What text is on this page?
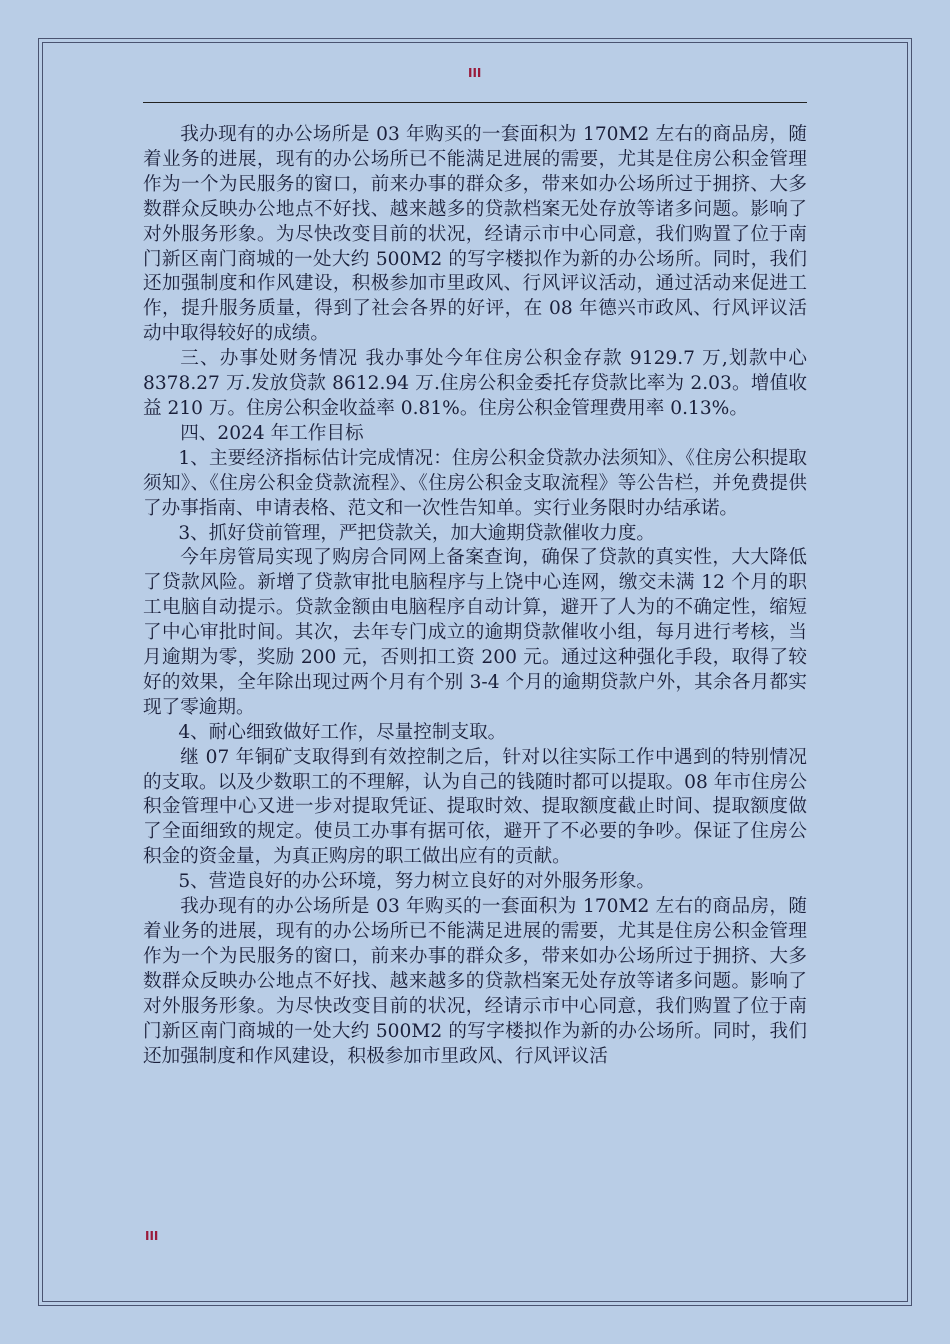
III

我办现有的办公场所是 03 年购买的一套面积为 170M2 左右的商品房，随着业务的进展，现有的办公场所已不能满足进展的需要，尤其是住房公积金管理作为一个为民服务的窗口，前来办事的群众多，带来如办公场所过于拥挤、大多数群众反映办公地点不好找、越来越多的贷款档案无处存放等诸多问题。影响了对外服务形象。为尽快改变目前的状况，经请示市中心同意，我们购置了位于南门新区南门商城的一处大约 500M2 的写字楼拟作为新的办公场所。同时，我们还加强制度和作风建设，积极参加市里政风、行风评议活动，通过活动来促进工作，提升服务质量，得到了社会各界的好评，在 08 年德兴市政风、行风评议活动中取得较好的成绩。

三、办事处财务情况 我办事处今年住房公积金存款 9129.7 万,划款中心 8378.27 万.发放贷款 8612.94 万.住房公积金委托存贷款比率为 2.03。增值收益 210 万。住房公积金收益率 0.81%。住房公积金管理费用率 0.13%。

四、2024 年工作目标

1、主要经济指标估计完成情况：住房公积金贷款办法须知》、《住房公积提取须知》、《住房公积金贷款流程》、《住房公积金支取流程》等公告栏，并免费提供了办事指南、申请表格、范文和一次性告知单。实行业务限时办结承诺。

3、抓好贷前管理，严把贷款关，加大逾期贷款催收力度。

今年房管局实现了购房合同网上备案查询，确保了贷款的真实性，大大降低了贷款风险。新增了贷款审批电脑程序与上饶中心连网，缴交未满 12 个月的职工电脑自动提示。贷款金额由电脑程序自动计算，避开了人为的不确定性，缩短了中心审批时间。其次，去年专门成立的逾期贷款催收小组，每月进行考核，当月逾期为零，奖励 200 元，否则扣工资 200 元。通过这种强化手段，取得了较好的效果，全年除出现过两个月有个别 3-4 个月的逾期贷款户外，其余各月都实现了零逾期。

4、耐心细致做好工作，尽量控制支取。

继 07 年铜矿支取得到有效控制之后，针对以往实际工作中遇到的特别情况的支取。以及少数职工的不理解，认为自己的钱随时都可以提取。08 年市住房公积金管理中心又进一步对提取凭证、提取时效、提取额度截止时间、提取额度做了全面细致的规定。使员工办事有据可依，避开了不必要的争吵。保证了住房公积金的资金量，为真正购房的职工做出应有的贡献。

5、营造良好的办公环境，努力树立良好的对外服务形象。

我办现有的办公场所是 03 年购买的一套面积为 170M2 左右的商品房，随着业务的进展，现有的办公场所已不能满足进展的需要，尤其是住房公积金管理作为一个为民服务的窗口，前来办事的群众多，带来如办公场所过于拥挤、大多数群众反映办公地点不好找、越来越多的贷款档案无处存放等诸多问题。影响了对外服务形象。为尽快改变目前的状况，经请示市中心同意，我们购置了位于南门新区南门商城的一处大约 500M2 的写字楼拟作为新的办公场所。同时，我们还加强制度和作风建设，积极参加市里政风、行风评议活

III
